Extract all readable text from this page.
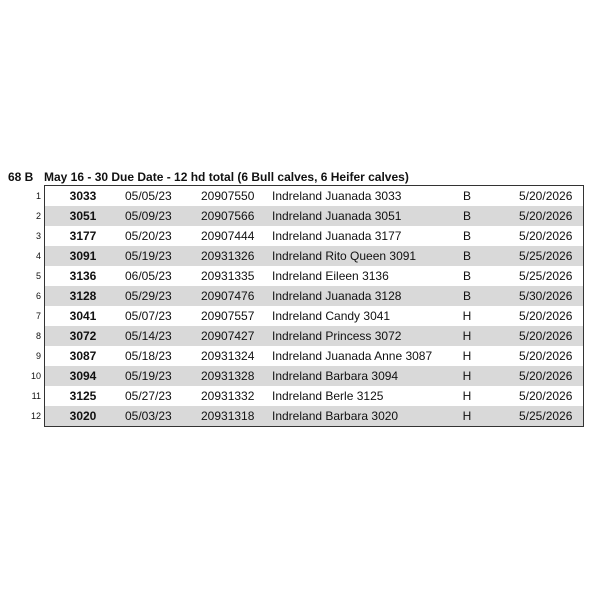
68 B May 16 - 30 Due Date - 12 hd total (6 Bull calves, 6 Heifer calves)
1	3033	05/05/23 20907550 Indreland Juanada 3033	B	5/20/2026
2	3051	05/09/23 20907566 Indreland Juanada 3051	B	5/20/2026
3	3177	05/20/23 20907444 Indreland Juanada 3177	B	5/20/2026
4	3091	05/19/23 20931326 Indreland Rito Queen 3091	B	5/25/2026
5	3136	06/05/23 20931335 Indreland Eileen 3136	B	5/25/2026
6	3128	05/29/23 20907476 Indreland Juanada 3128	B	5/30/2026
7	3041	05/07/23 20907557 Indreland Candy 3041	H	5/20/2026
8	3072	05/14/23 20907427 Indreland Princess 3072	H	5/20/2026
9	3087	05/18/23 20931324 Indreland Juanada Anne 3087	H	5/20/2026
10	3094	05/19/23 20931328 Indreland Barbara 3094	H	5/20/2026
11	3125	05/27/23 20931332 Indreland Berle 3125	H	5/20/2026
12	3020	05/03/23 20931318 Indreland Barbara 3020	H	5/25/2026
